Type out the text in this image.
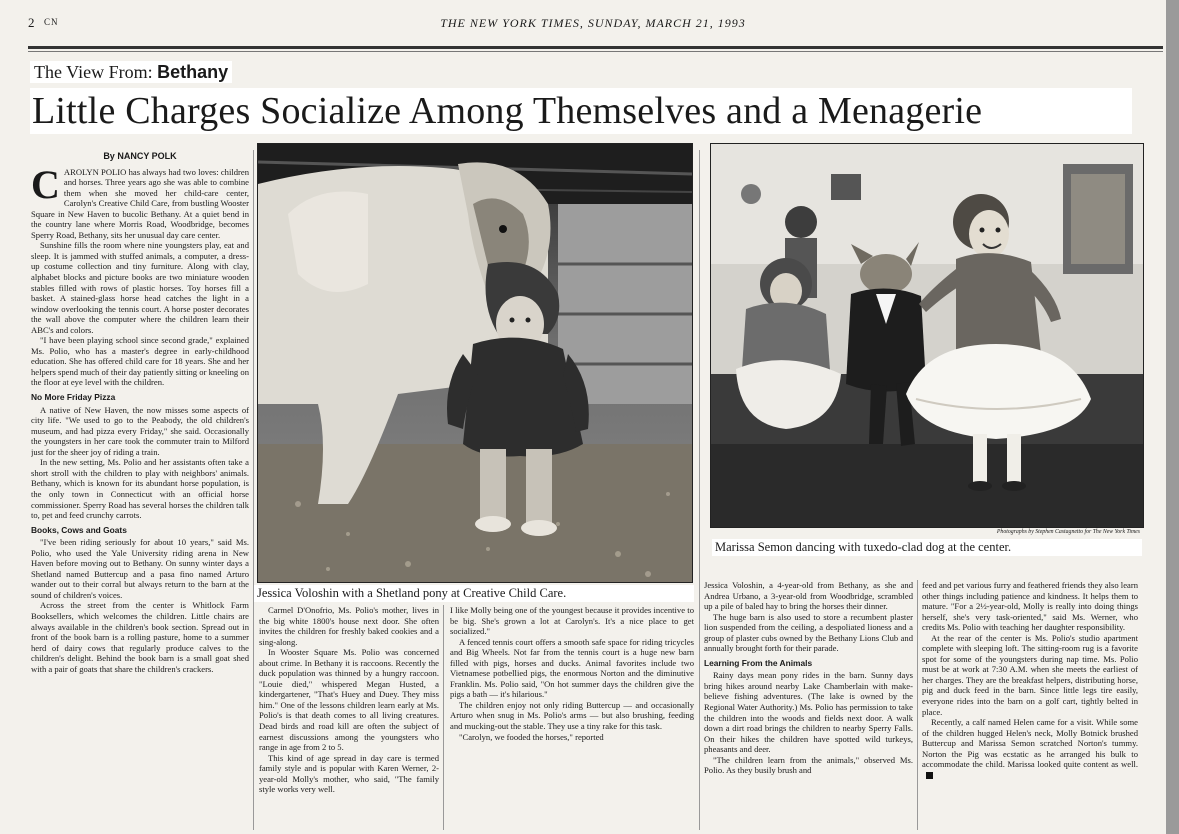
2 CN	THE NEW YORK TIMES, SUNDAY, MARCH 21, 1993
The View From: Bethany
Little Charges Socialize Among Themselves and a Menagerie
By NANCY POLK

CAROLYN POLIO has always had two loves: children and horses. Three years ago she was able to combine them when she moved her child-care center, Carolyn's Creative Child Care, from bustling Wooster Square in New Haven to bucolic Bethany. At a quiet bend in the country lane where Morris Road, Woodbridge, becomes Sperry Road, Bethany, sits her unusual day care center.

Sunshine fills the room where nine youngsters play, eat and sleep. It is jammed with stuffed animals, a computer, a dress-up costume collection and tiny furniture. Along with clay, alphabet blocks and picture books are two miniature wooden stables filled with rows of plastic horses. Toy horses fill a basket. A stained-glass horse head catches the light in a window overlooking the tennis court. A horse poster decorates the wall above the computer where the children learn their ABC's and colors.

"I have been playing school since second grade," explained Ms. Polio, who has a master's degree in early-childhood education. She has offered child care for 18 years. She and her helpers spend much of their day patiently sitting or kneeling on the floor at eye level with the children.

No More Friday Pizza

A native of New Haven, the now misses some aspects of city life. "We used to go to the Peabody, the old children's museum, and had pizza every Friday," she said. Occasionally the youngsters in her care took the commuter train to Milford just for the sheer joy of riding a train.

In the new setting, Ms. Polio and her assistants often take a short stroll with the children to play with neighbors' animals. Bethany, which is known for its abundant horse population, is the only town in Connecticut with an official horse commissioner. Sperry Road has several horses the children talk to, pet and feed crunchy carrots.

Books, Cows and Goats

"I've been riding seriously for about 10 years," said Ms. Polio, who used the Yale University riding arena in New Haven before moving out to Bethany. On sunny winter days a Shetland named Buttercup and a pasa fino named Arturo wander out to their corral but always return to the barn at the sound of children's voices.

Across the street from the center is Whitlock Farm Booksellers, which welcomes the children. Little chairs are always available in the children's book section. Spread out in front of the book barn is a rolling pasture, home to a summer herd of dairy cows that regularly produce calves to the children's delight. Behind the book barn is a small goat shed with a pair of goats that share the children's crackers.

Jessica Voloshin with a Shetland pony at Creative Child Care.
Photographs by Stephen Castagnetto for The New York Times
Marissa Semon dancing with tuxedo-clad dog at the center.

Carmel D'Onofrio, Ms. Polio's mother, lives in the big white 1800's house next door. She often invites the children for freshly baked cookies and a sing-along.

In Wooster Square Ms. Polio was concerned about crime. In Bethany it is raccoons. Recently the duck population was thinned by a hungry raccoon. "Louie died," whispered Megan Husted, a kindergartener, "That's Huey and Duey. They miss him." One of the lessons children learn early at Ms. Polio's is that death comes to all living creatures. Dead birds and road kill are often the subject of earnest discussions among the youngsters who range in age from 2 to 5.

This kind of age spread in day care is termed family style and is popular with Karen Werner, 2-year-old Molly's mother, who said, "The family style works very well.

I like Molly being one of the youngest because it provides incentive to be big. She's grown a lot at Carolyn's. It's a nice place to get socialized."

A fenced tennis court offers a smooth safe space for riding tricycles and Big Wheels. Not far from the tennis court is a huge new barn filled with pigs, horses and ducks. Animal favorites include two Vietnamese potbellied pigs, the enormous Norton and the diminutive Franklin. Ms. Polio said, "On hot summer days the children give the pigs a bath — it's hilarious."

The children enjoy not only riding Buttercup — and occasionally Arturo when snug in Ms. Polio's arms — but also brushing, feeding and mucking-out the stable. They use a tiny rake for this task.

"Carolyn, we fooded the horses," reported

Jessica Voloshin, a 4-year-old from Bethany, as she and Andrea Urbano, a 3-year-old from Woodbridge, scrambled up a pile of baled hay to bring the horses their dinner.

The huge barn is also used to store a recumbent plaster lion suspended from the ceiling, a despoliated lioness and a group of plaster cubs owned by the Bethany Lions Club and annually brought forth for their parade.

Learning From the Animals

Rainy days mean pony rides in the barn. Sunny days bring hikes around nearby Lake Chamberlain with make-believe fishing adventures. (The lake is owned by the Regional Water Authority.) Ms. Polio has permission to take the children into the woods and fields next door. A walk down a dirt road brings the children to nearby Sperry Falls. On their hikes the children have spotted wild turkeys, pheasants and deer.

"The children learn from the animals," observed Ms. Polio. As they busily brush and

feed and pet various furry and feathered friends they also learn other things including patience and kindness. It helps them to mature. "For a 2½-year-old, Molly is really into doing things herself, she's very task-oriented," said Ms. Werner, who credits Ms. Polio with teaching her daughter responsibility.

At the rear of the center is Ms. Polio's studio apartment complete with sleeping loft. The sitting-room rug is a favorite spot for some of the youngsters during nap time. Ms. Polio must be at work at 7:30 A.M. when she meets the earliest of her charges. They are the breakfast helpers, distributing horse, pig and duck feed in the barn. Since little legs tire easily, everyone rides into the barn on a golf cart, tightly belted in place.

Recently, a calf named Helen came for a visit. While some of the children hugged Helen's neck, Molly Botnick brushed Buttercup and Marissa Semon scratched Norton's tummy. Norton the Pig was ecstatic as he arranged his bulk to accommodate the child. Marissa looked quite content as well.
